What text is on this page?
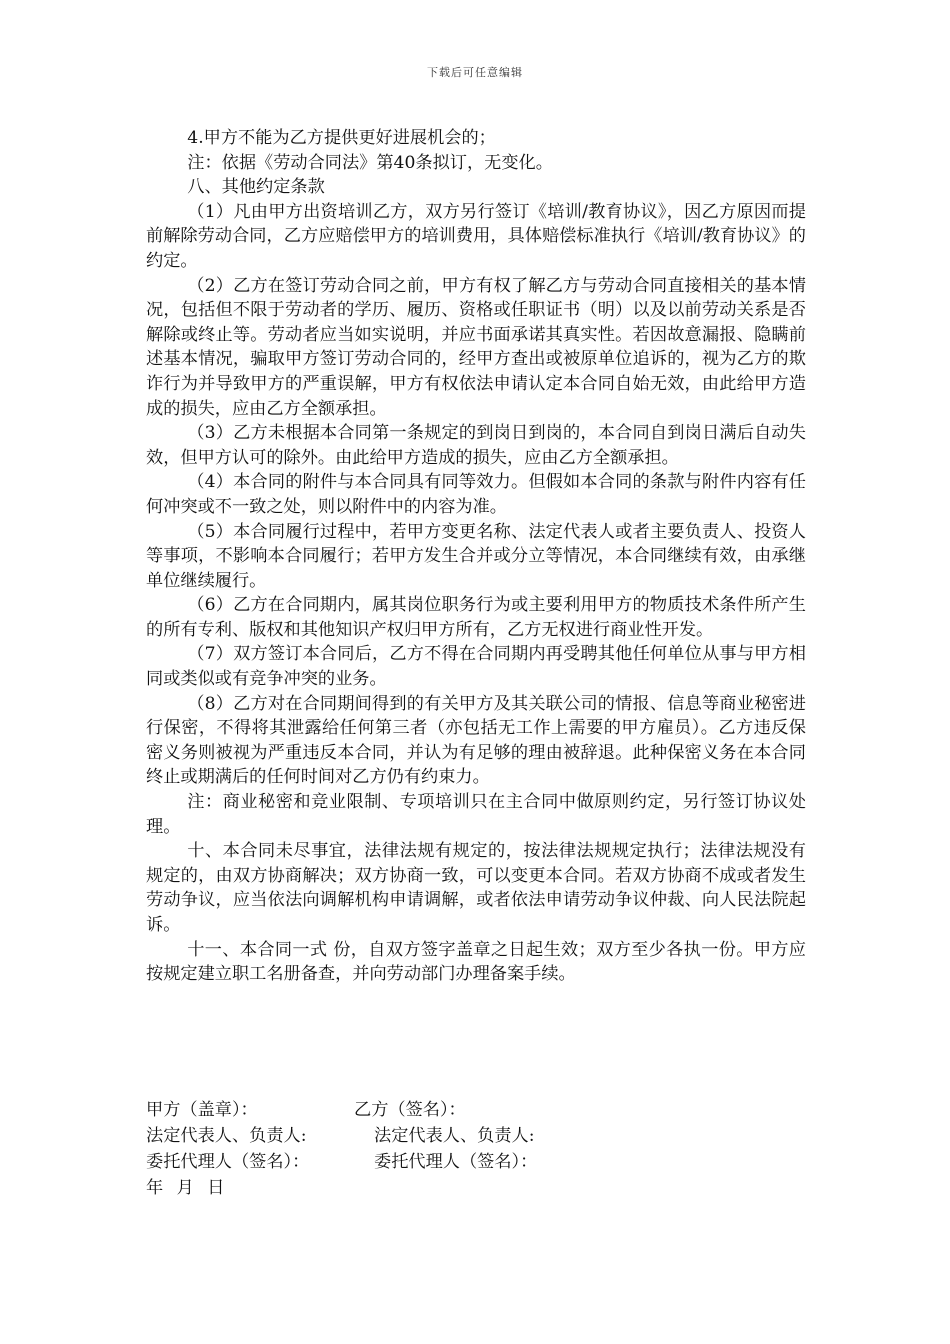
下载后可任意编辑

4.甲方不能为乙方提供更好进展机会的；

注：依据《劳动合同法》第40条拟订，无变化。

八、其他约定条款

（1）凡由甲方出资培训乙方，双方另行签订《培训/教育协议》，因乙方原因而提前解除劳动合同，乙方应赔偿甲方的培训费用，具体赔偿标准执行《培训/教育协议》的约定。

（2）乙方在签订劳动合同之前，甲方有权了解乙方与劳动合同直接相关的基本情况，包括但不限于劳动者的学历、履历、资格或任职证书（明）以及以前劳动关系是否解除或终止等。劳动者应当如实说明，并应书面承诺其真实性。若因故意漏报、隐瞒前述基本情况，骗取甲方签订劳动合同的，经甲方查出或被原单位追诉的，视为乙方的欺诈行为并导致甲方的严重误解，甲方有权依法申请认定本合同自始无效，由此给甲方造成的损失，应由乙方全额承担。

（3）乙方未根据本合同第一条规定的到岗日到岗的，本合同自到岗日满后自动失效，但甲方认可的除外。由此给甲方造成的损失，应由乙方全额承担。

（4）本合同的附件与本合同具有同等效力。但假如本合同的条款与附件内容有任何冲突或不一致之处，则以附件中的内容为准。

（5）本合同履行过程中，若甲方变更名称、法定代表人或者主要负责人、投资人等事项，不影响本合同履行；若甲方发生合并或分立等情况，本合同继续有效，由承继单位继续履行。

（6）乙方在合同期内，属其岗位职务行为或主要利用甲方的物质技术条件所产生的所有专利、版权和其他知识产权归甲方所有，乙方无权进行商业性开发。

（7）双方签订本合同后，乙方不得在合同期内再受聘其他任何单位从事与甲方相同或类似或有竞争冲突的业务。

（8）乙方对在合同期间得到的有关甲方及其关联公司的情报、信息等商业秘密进行保密，不得将其泄露给任何第三者（亦包括无工作上需要的甲方雇员）。乙方违反保密义务则被视为严重违反本合同，并认为有足够的理由被辞退。此种保密义务在本合同终止或期满后的任何时间对乙方仍有约束力。

注：商业秘密和竞业限制、专项培训只在主合同中做原则约定，另行签订协议处理。

十、本合同未尽事宜，法律法规有规定的，按法律法规规定执行；法律法规没有规定的，由双方协商解决；双方协商一致，可以变更本合同。若双方协商不成或者发生劳动争议，应当依法向调解机构申请调解，或者依法申请劳动争议仲裁、向人民法院起诉。

十一、本合同一式 份，自双方签字盖章之日起生效；双方至少各执一份。甲方应按规定建立职工名册备查，并向劳动部门办理备案手续。

甲方（盖章）：	乙方（签名）：
法定代表人、负责人:	法定代表人、负责人:
委托代理人（签名）：	委托代理人（签名）：
年 月 日
